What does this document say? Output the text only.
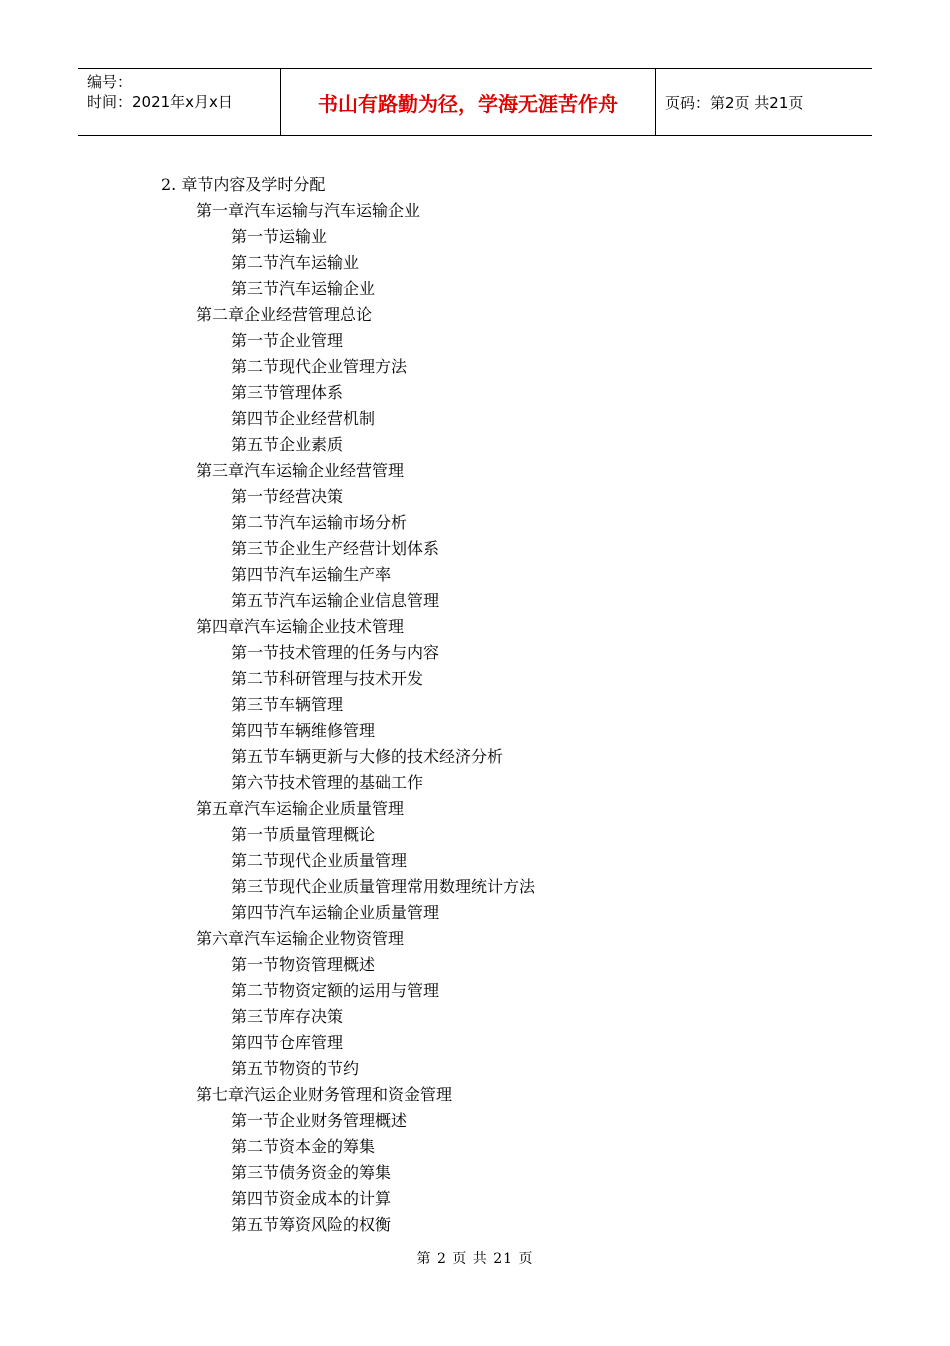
编号：
时间：2021年x月x日	书山有路勤为径，学海无涯苦作舟	页码：第2页 共21页
2. 章节内容及学时分配
第一章汽车运输与汽车运输企业
第一节运输业
第二节汽车运输业
第三节汽车运输企业
第二章企业经营管理总论
第一节企业管理
第二节现代企业管理方法
第三节管理体系
第四节企业经营机制
第五节企业素质
第三章汽车运输企业经营管理
第一节经营决策
第二节汽车运输市场分析
第三节企业生产经营计划体系
第四节汽车运输生产率
第五节汽车运输企业信息管理
第四章汽车运输企业技术管理
第一节技术管理的任务与内容
第二节科研管理与技术开发
第三节车辆管理
第四节车辆维修管理
第五节车辆更新与大修的技术经济分析
第六节技术管理的基础工作
第五章汽车运输企业质量管理
第一节质量管理概论
第二节现代企业质量管理
第三节现代企业质量管理常用数理统计方法
第四节汽车运输企业质量管理
第六章汽车运输企业物资管理
第一节物资管理概述
第二节物资定额的运用与管理
第三节库存决策
第四节仓库管理
第五节物资的节约
第七章汽运企业财务管理和资金管理
第一节企业财务管理概述
第二节资本金的筹集
第三节债务资金的筹集
第四节资金成本的计算
第五节筹资风险的权衡
第 2 页 共 21 页
